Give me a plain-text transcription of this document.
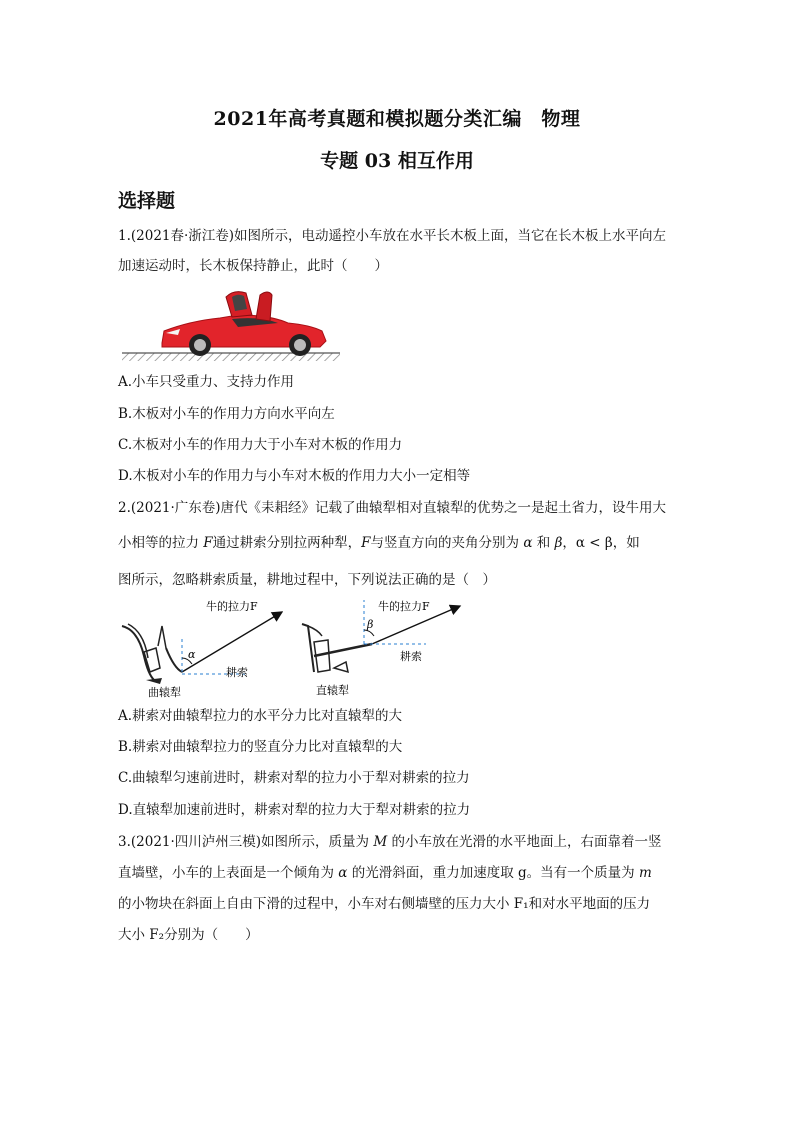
2021年高考真题和模拟题分类汇编　物理
专题 03 相互作用
选择题
1.(2021春·浙江卷)如图所示，电动遥控小车放在水平长木板上面，当它在长木板上水平向左
加速运动时，长木板保持静止，此时（　　）
A.小车只受重力、支持力作用
B.木板对小车的作用力方向水平向左
C.木板对小车的作用力大于小车对木板的作用力
D.木板对小车的作用力与小车对木板的作用力大小一定相等
2.(2021·广东卷)唐代《耒耜经》记载了曲辕犁相对直辕犁的优势之一是起土省力，设牛用大
小相等的拉力 F通过耕索分别拉两种犁，F与竖直方向的夹角分别为 α 和 β，α < β，如
图所示，忽略耕索质量，耕地过程中，下列说法正确的是（　）
α
牛的拉力F
耕索
曲辕犁
β
牛的拉力F
耕索
直辕犁
A.耕索对曲辕犁拉力的水平分力比对直辕犁的大
B.耕索对曲辕犁拉力的竖直分力比对直辕犁的大
C.曲辕犁匀速前进时，耕索对犁的拉力小于犁对耕索的拉力
D.直辕犁加速前进时，耕索对犁的拉力大于犁对耕索的拉力
3.(2021·四川泸州三模)如图所示，质量为 M 的小车放在光滑的水平地面上，右面靠着一竖
直墙壁，小车的上表面是一个倾角为 α 的光滑斜面，重力加速度取 g。当有一个质量为 m
的小物块在斜面上自由下滑的过程中，小车对右侧墙壁的压力大小 F₁和对水平地面的压力
大小 F₂分别为（　　）
